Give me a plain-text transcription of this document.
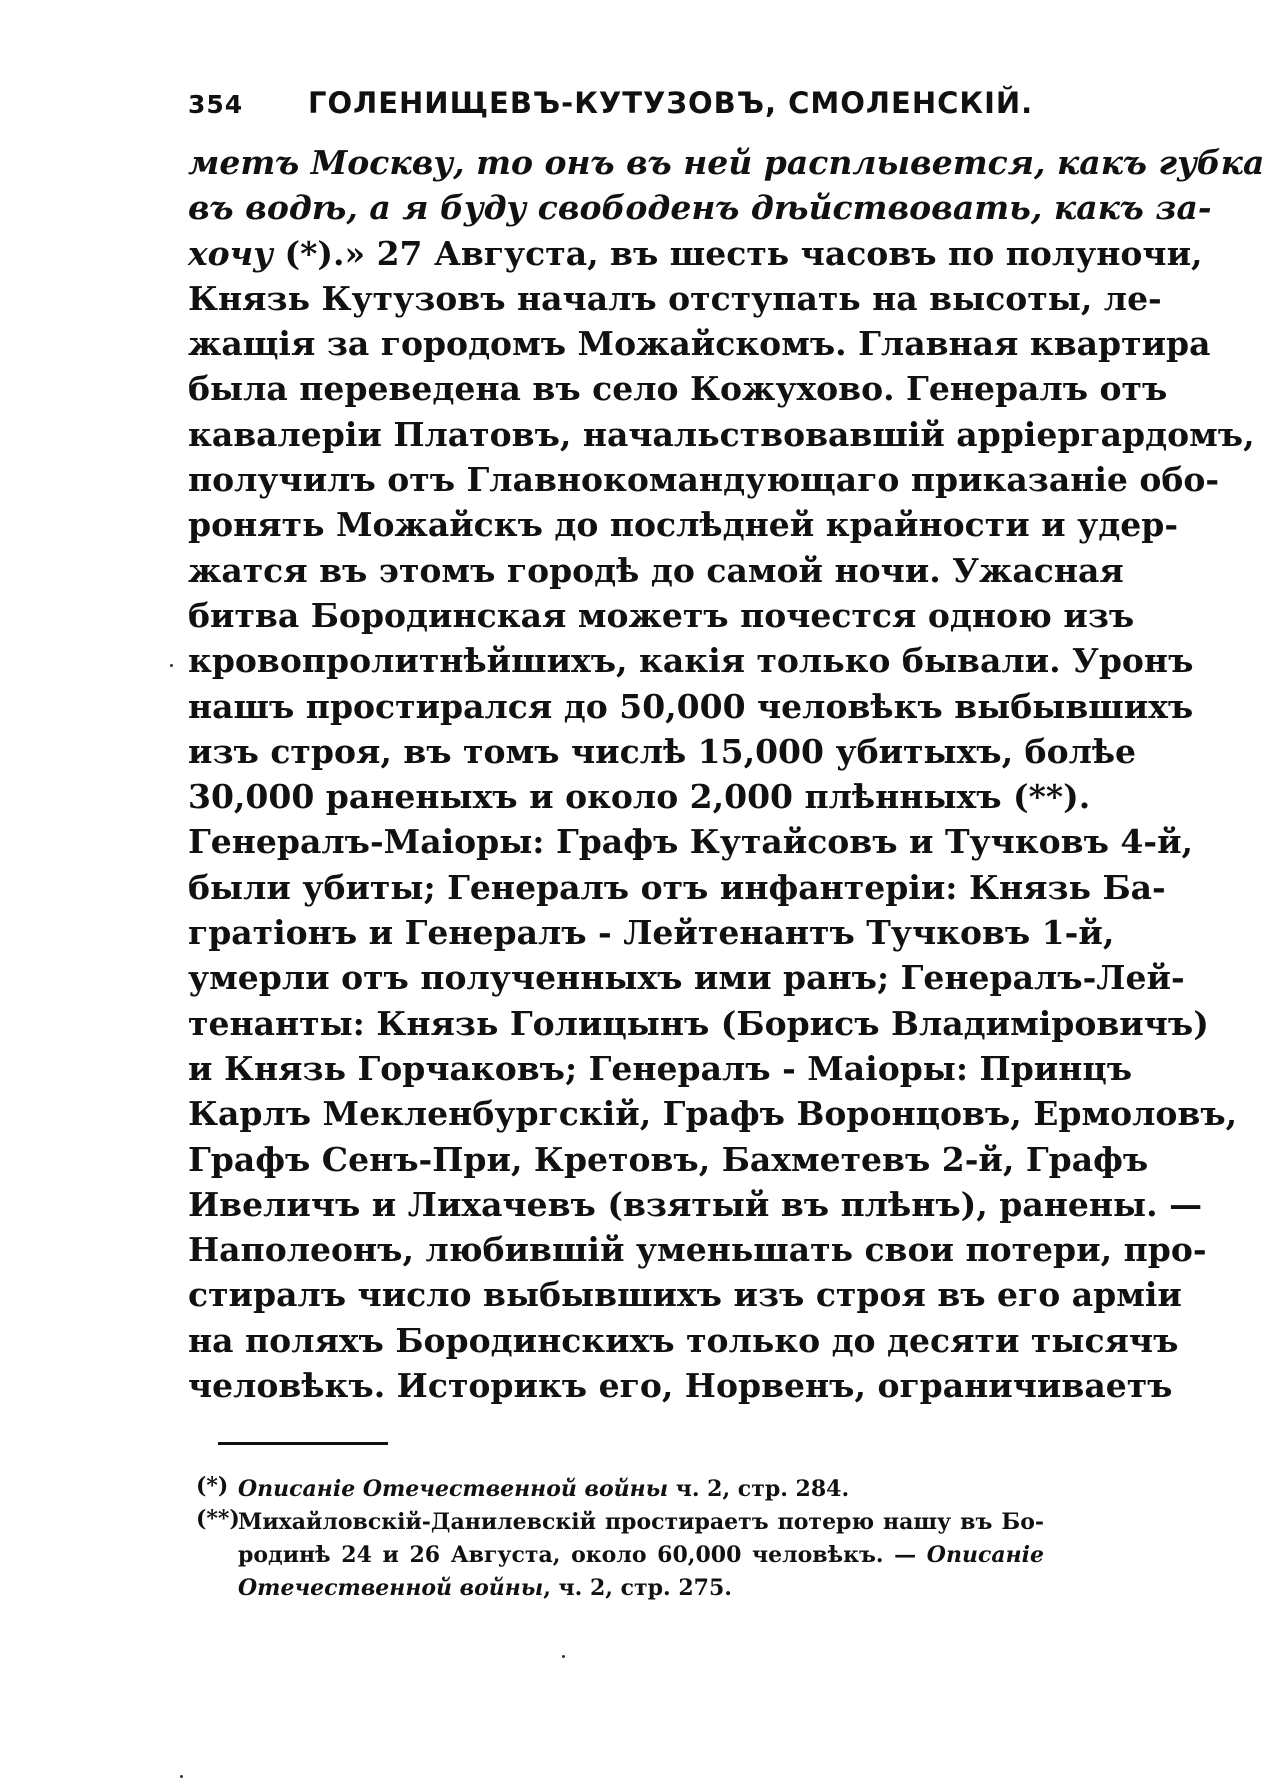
354 ГОЛЕНИЩЕВЪ-КУТУЗОВЪ, СМОЛЕНСКІЙ.
метъ Москву, то онъ въ ней расплывется, какъ губка
въ водѣ, а я буду свободенъ дѣйствовать, какъ за-
хочу (*).» 27 Августа, въ шесть часовъ по полуночи,
Князь Кутузовъ началъ отступать на высоты, ле-
жащія за городомъ Можайскомъ. Главная квартира
была переведена въ село Кожухово. Генералъ отъ
кавалеріи Платовъ, начальствовавшій аррiергардомъ,
получилъ отъ Главнокомандующаго приказаніе обо-
ронять Можайскъ до послѣдней крайности и удер-
жатся въ этомъ городѣ до самой ночи. Ужасная
битва Бородинская можетъ почестся одною изъ
кровопролитнѣйшихъ, какія только бывали. Уронъ
нашъ простирался до 50,000 человѣкъ выбывшихъ
изъ строя, въ томъ числѣ 15,000 убитыхъ, болѣе
30,000 раненыхъ и около 2,000 плѣнныхъ (**).
Генералъ-Маіоры: Графъ Кутайсовъ и Тучковъ 4-й,
были убиты; Генералъ отъ инфантеріи: Князь Ба-
гратіонъ и Генералъ - Лейтенантъ Тучковъ 1-й,
умерли отъ полученныхъ ими ранъ; Генералъ-Лей-
тенанты: Князь Голицынъ (Борисъ Владиміровичъ)
и Князь Горчаковъ; Генералъ - Маіоры: Принцъ
Карлъ Мекленбургскій, Графъ Воронцовъ, Ермоловъ,
Графъ Сенъ-При, Кретовъ, Бахметевъ 2-й, Графъ
Ивеличъ и Лихачевъ (взятый въ плѣнъ), ранены. —
Наполеонъ, любившій уменьшать свои потери, про-
стиралъ число выбывшихъ изъ строя въ его арміи
на поляхъ Бородинскихъ только до десяти тысячъ
человѣкъ. Историкъ его, Норвенъ, ограничиваетъ
(*) Описаніе Отечественной войны ч. 2, стр. 284.
(**)
Михайловскій-Данилевскій простираетъ потерю нашу въ Бо-
родинѣ 24 и 26 Августа, около 60,000 человѣкъ. — Описаніе
Отечественной войны, ч. 2, стр. 275.
